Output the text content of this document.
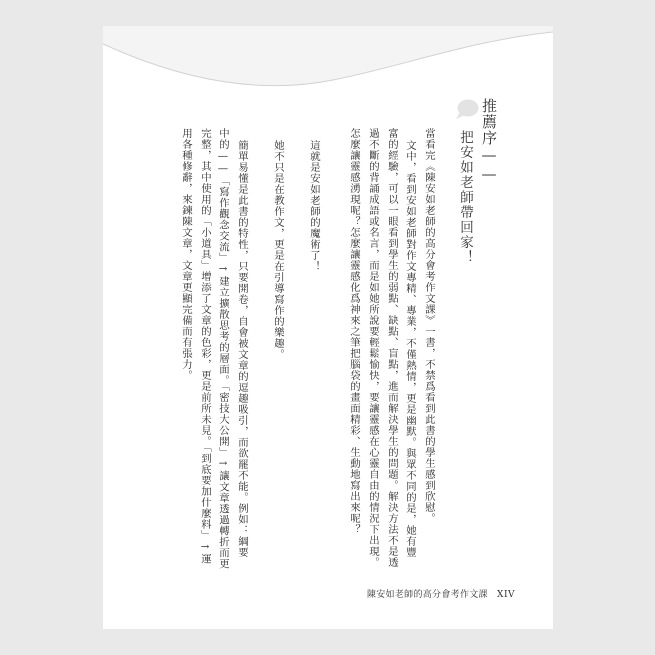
推薦序——
把安如老師帶回家！
當看完《陳安如老師的高分會考作文課》一書，不禁爲看到此書的學生感到欣慰。
文中，看到安如老師對作文專精、專業，不僅熱情，更是幽默。與眾不同的是，她有豐
富的經驗，可以一眼看到學生的弱點、缺點、盲點，進而解決學生的問題。解決方法不是透
過不斷的背誦成語或名言，而是如她所說要輕鬆愉快，要讓靈感在心靈自由的情況下出現。
怎麼讓靈感湧現呢？怎麼讓靈感化爲神來之筆把腦袋的畫面精彩、生動地寫出來呢？
這就是安如老師的魔術了！
她不只是在教作文，更是在引導寫作的樂趣。
簡單易懂是此書的特性，只要開卷，自會被文章的逗趣吸引，而欲罷不能。例如：綱要
中的——「寫作觀念交流」→建立擴散思考的層面。「密技大公開」→讓文章透過轉折而更
完整，其中使用的「小道具」增添了文章的色彩，更是前所未見。「到底要加什麼料」→運
用各種修辭，來鍊陳文章，文章更顯完備而有張力。
陳安如老師的高分會考作文課 XIV
